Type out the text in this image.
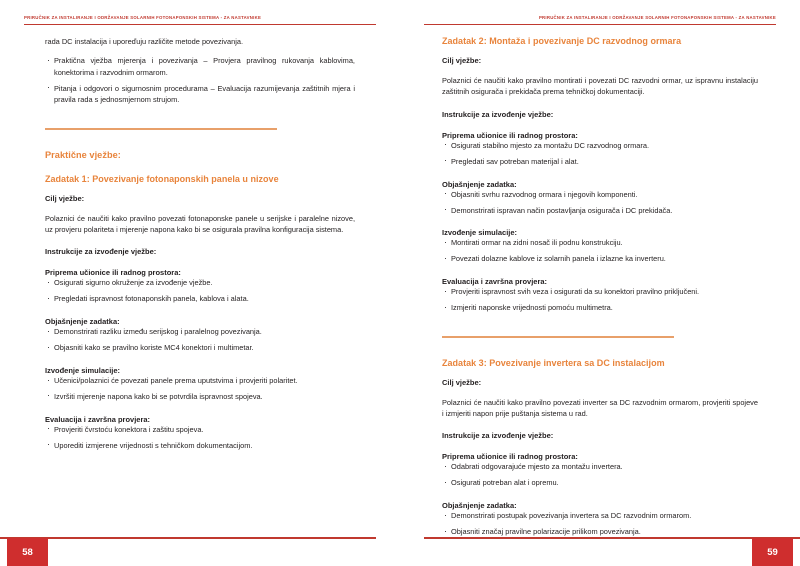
PRIRUČNIK ZA INSTALIRANJE I ODRŽAVANJE SOLARNIH FOTONAPONSKIH SISTEMA - ZA NASTAVNIKE

rada DC instalacija i uporeďuju različite metode povezivanja.

· Praktična vježba mjerenja i povezivanja – Provjera pravilnog rukovanja kablovima, konektorima i razvodnim ormarom.
· Pitanja i odgovori o sigurnosnim procedurama – Evaluacija razumijevanja zaštitnih mjera i pravila rada s jednosmjernom strujom.
Praktične vježbe:
Zadatak 1: Povezivanje fotonaponskih panela u nizove
Cilj vježbe:

Polaznici će naučiti kako pravilno povezati fotonaponske panele u serijske i paralelne nizove, uz provjeru polariteta i mjerenje napona kako bi se osigurala pravilna konfiguracija sistema.

Instrukcije za izvođenje vježbe:
Priprema učionice ili radnog prostora:
· Osigurati sigurno okruženje za izvođenje vježbe.
· Pregledati ispravnost fotonaponskih panela, kablova i alata.
Objašnjenje zadatka:
· Demonstrirati razliku između serijskog i paralelnog povezivanja.
· Objasniti kako se pravilno koriste MC4 konektori i multimetar.
Izvođenje simulacije:
· Učenici/polaznici će povezati panele prema uputstvima i provjeriti polaritet.
· Izvršiti mjerenje napona kako bi se potvrdila ispravnost spojeva.
Evaluacija i završna provjera:
· Provjeriti čvrstoću konektora i zaštitu spojeva.
· Uporediti izmjerene vrijednosti s tehničkom dokumentacijom.
58
PRIRUČNIK ZA INSTALIRANJE I ODRŽAVANJE SOLARNIH FOTONAPONSKIH SISTEMA - ZA NASTAVNIKE
Zadatak 2: Montaža i povezivanje DC razvodnog ormara
Cilj vježbe:

Polaznici će naučiti kako pravilno montirati i povezati DC razvodni ormar, uz ispravnu instalaciju zaštitnih osigurača i prekidača prema tehničkoj dokumentaciji.

Instrukcije za izvođenje vježbe:
Priprema učionice ili radnog prostora:
· Osigurati stabilno mjesto za montažu DC razvodnog ormara.
· Pregledati sav potreban materijal i alat.
Objašnjenje zadatka:
· Objasniti svrhu razvodnog ormara i njegovih komponenti.
· Demonstrirati ispravan način postavljanja osigurača i DC prekidača.
Izvođenje simulacije:
· Montirati ormar na zidni nosač ili podnu konstrukciju.
· Povezati dolazne kablove iz solarnih panela i izlazne ka inverteru.
Evaluacija i završna provjera:
· Provjeriti ispravnost svih veza i osigurati da su konektori pravilno priključeni.
· Izmjeriti naponske vrijednosti pomoću multimetra.
Zadatak 3: Povezivanje invertera sa DC instalacijom
Cilj vježbe:

Polaznici će naučiti kako pravilno povezati inverter sa DC razvodnim ormarom, provjeriti spojeve i izmjeriti napon prije puštanja sistema u rad.

Instrukcije za izvođenje vježbe:
Priprema učionice ili radnog prostora:
· Odabrati odgovarajuće mjesto za montažu invertera.
· Osigurati potreban alat i opremu.
Objašnjenje zadatka:
· Demonstrirati postupak povezivanja invertera sa DC razvodnim ormarom.
· Objasniti značaj pravilne polarizacije prilikom povezivanja.
59
